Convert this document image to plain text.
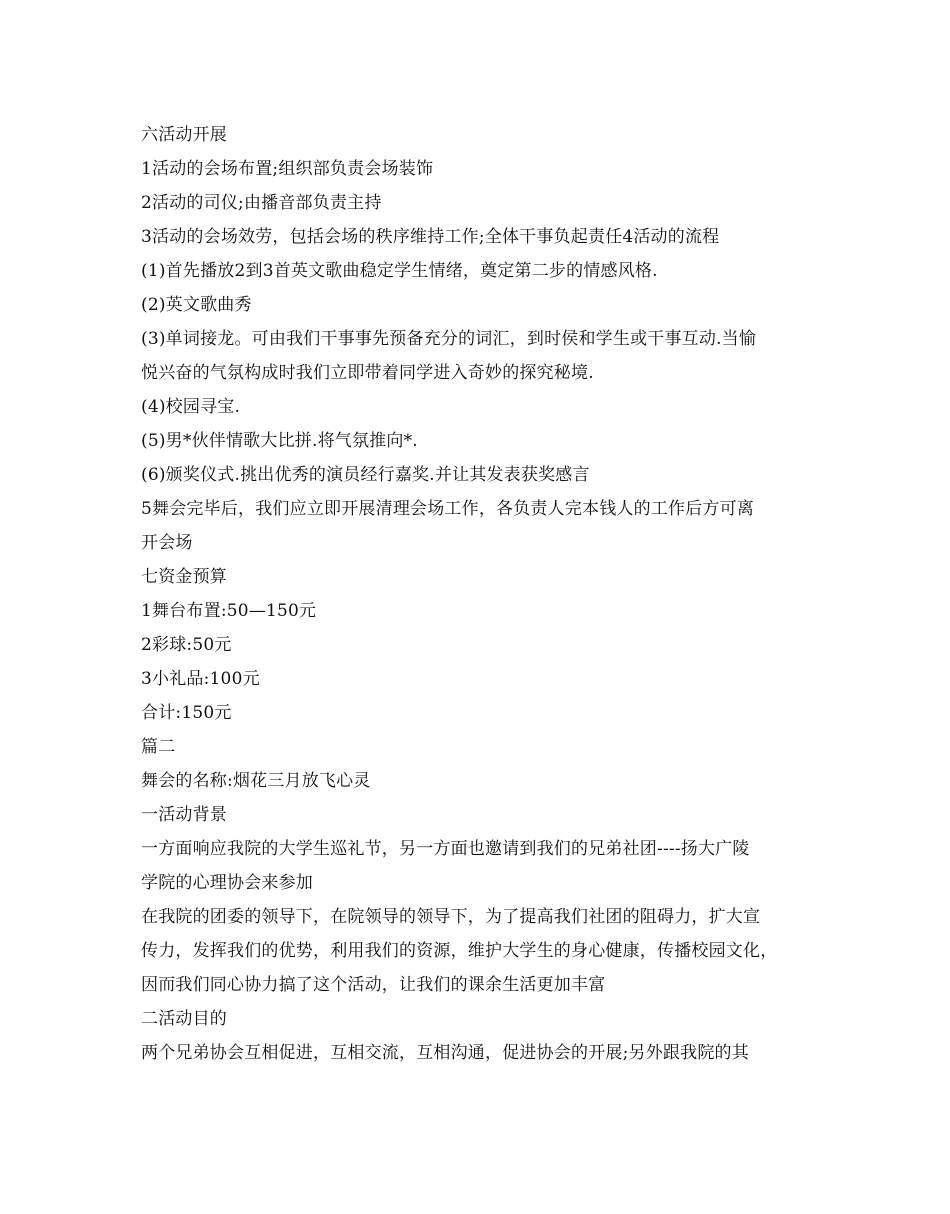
六活动开展
1活动的会场布置;组织部负责会场装饰
2活动的司仪;由播音部负责主持
3活动的会场效劳，包括会场的秩序维持工作;全体干事负起责任4活动的流程
(1)首先播放2到3首英文歌曲稳定学生情绪，奠定第二步的情感风格.
(2)英文歌曲秀
(3)单词接龙。可由我们干事事先预备充分的词汇，到时侯和学生或干事互动.当愉
悦兴奋的气氛构成时我们立即带着同学进入奇妙的探究秘境.
(4)校园寻宝.
(5)男*伙伴情歌大比拼.将气氛推向*.
(6)颁奖仪式.挑出优秀的演员经行嘉奖.并让其发表获奖感言
5舞会完毕后，我们应立即开展清理会场工作，各负责人完本钱人的工作后方可离
开会场
七资金预算
1舞台布置:50—150元
2彩球:50元
3小礼品:100元
合计:150元
篇二
舞会的名称:烟花三月放飞心灵
一活动背景
一方面响应我院的大学生巡礼节，另一方面也邀请到我们的兄弟社团----扬大广陵
学院的心理协会来参加
在我院的团委的领导下，在院领导的领导下，为了提高我们社团的阻碍力，扩大宣
传力，发挥我们的优势，利用我们的资源，维护大学生的身心健康，传播校园文化，
因而我们同心协力搞了这个活动，让我们的课余生活更加丰富
二活动目的
两个兄弟协会互相促进，互相交流，互相沟通，促进协会的开展;另外跟我院的其
